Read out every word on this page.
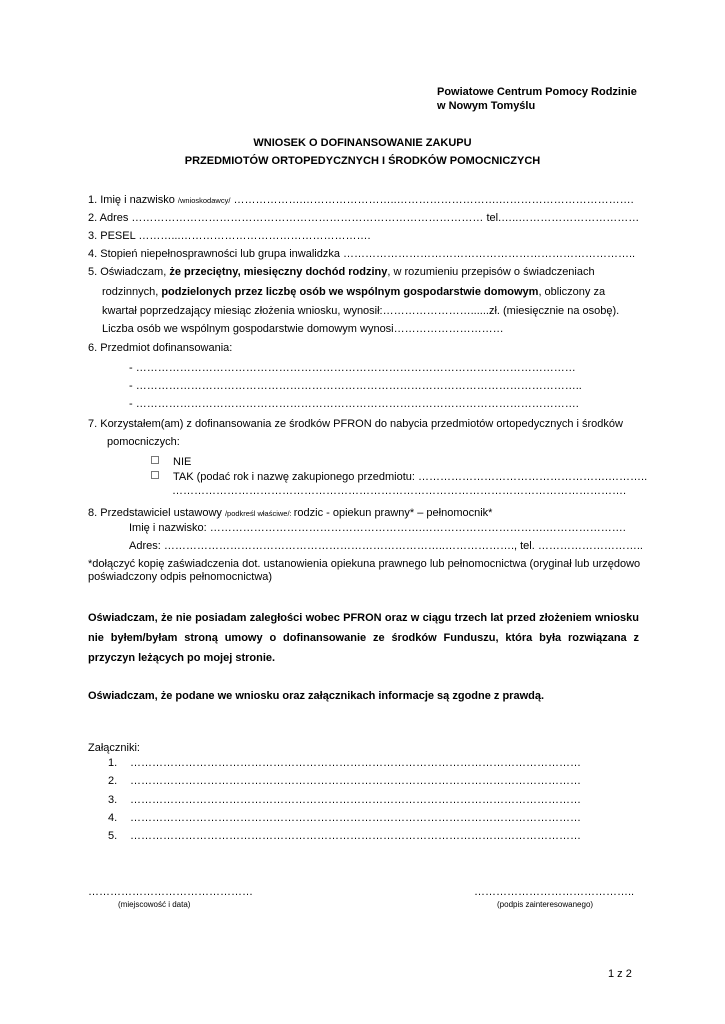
Powiatowe Centrum Pomocy Rodzinie
w Nowym Tomyślu
WNIOSEK O DOFINANSOWANIE ZAKUPU
PRZEDMIOTÓW ORTOPEDYCZNYCH I ŚRODKÓW POMOCNICZYCH
1. Imię i nazwisko /wnioskodawcy/ ……………….……………………..……………………….……………………………….
2. Adres …………………………………………………………………………………… tel.…..……………………………
3. PESEL ………...…………………………………………….
4. Stopień niepełnosprawności lub grupa inwalidzka ……………………………………………………………………..
5. Oświadczam, że przeciętny, miesięczny dochód rodziny, w rozumieniu przepisów o świadczeniach
rodzinnych, podzielonych przez liczbę osób we wspólnym gospodarstwie domowym, obliczony za
kwartał poprzedzający miesiąc złożenia wniosku, wynosił:……………………......zł. (miesięcznie na osobę).
Liczba osób we wspólnym gospodarstwie domowym wynosi…………………………
6. Przedmiot dofinansowania:
- …………………………………………………………………………………………………………
- …………………………………………………………………………………………………………..
- ………………………………………………………………………………………………………….
7. Korzystałem(am) z dofinansowania ze środków PFRON do nabycia przedmiotów ortopedycznych i środków
pomocniczych:
NIE
TAK (podać rok i nazwę zakupionego przedmiotu: …………………………………………….………..
…………………………………………………………………………………………………………….
8. Przedstawiciel ustawowy /podkreśl właściwe/: rodzic - opiekun prawny* – pełnomocnik*
Imię i nazwisko: ………………………………………………….…………………………….………………….
Adres: …………………………………………………………………..………………., tel. ………………………..
*dołączyć kopię zaświadczenia dot. ustanowienia opiekuna prawnego lub pełnomocnictwa (oryginał lub urzędowo
poświadczony odpis pełnomocnictwa)
Oświadczam, że nie posiadam zaległości wobec PFRON oraz w ciągu trzech lat przed złożeniem wniosku
nie byłem/byłam stroną umowy o dofinansowanie ze środków Funduszu, która była rozwiązana z
przyczyn leżących po mojej stronie.
Oświadczam, że podane we wniosku oraz załącznikach informacje są zgodne z prawdą.
Załączniki:
1. ……………………………………………………………………………………………………………
2. ……………………………………………………………………………………………………………
3. ……………………………………………………………………………………………………………
4. ……………………………………………………………………………………………………………
5. ……………………………………………………………………………………………………………
………………………………………
(miejscowość i data)
……………………………………..
(podpis zainteresowanego)
1 z 2
